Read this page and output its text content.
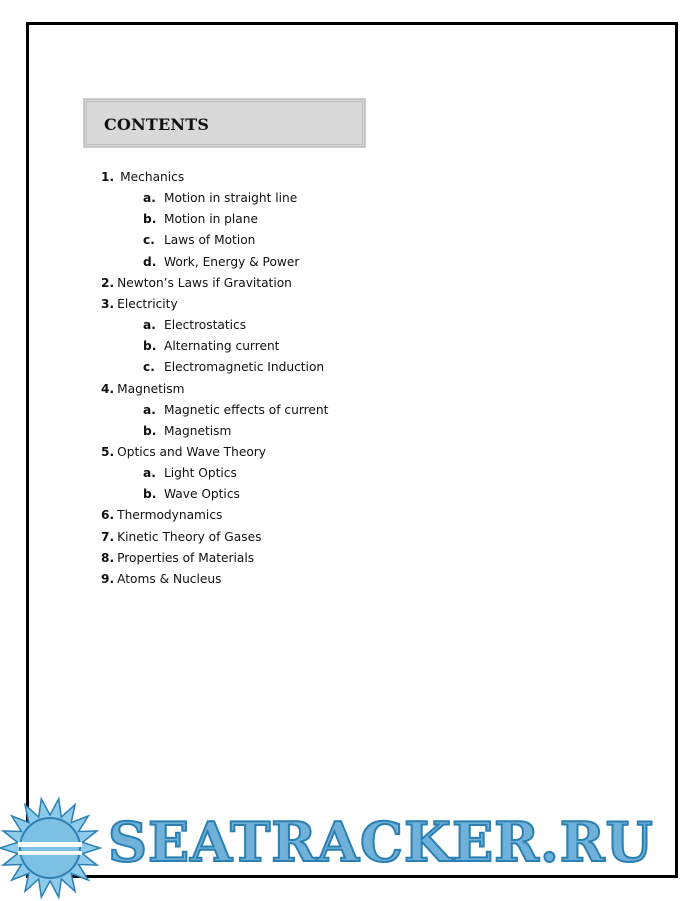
CONTENTS
1. Mechanics
a. Motion in straight line
b. Motion in plane
c. Laws of Motion
d. Work, Energy & Power
2. Newton’s Laws if Gravitation
3. Electricity
a. Electrostatics
b. Alternating current
c. Electromagnetic Induction
4. Magnetism
a. Magnetic effects of current
b. Magnetism
5. Optics and Wave Theory
a. Light Optics
b. Wave Optics
6. Thermodynamics
7. Kinetic Theory of Gases
8. Properties of Materials
9. Atoms & Nucleus
SEATRACKER.RU
